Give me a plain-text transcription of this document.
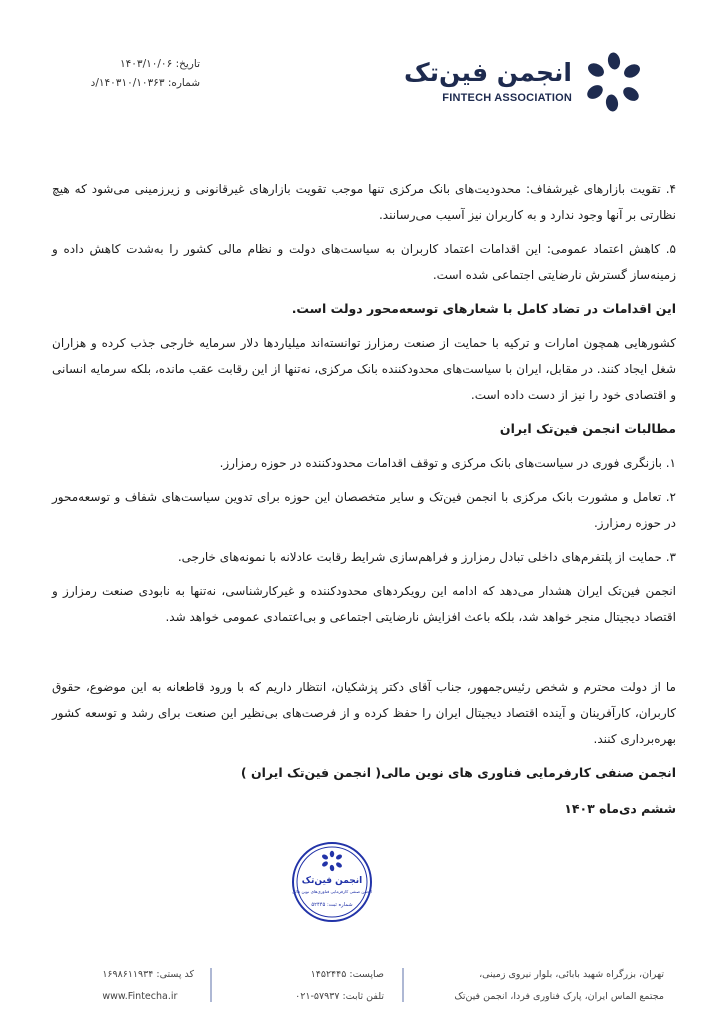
انجمن فین‌تک
FINTECH ASSOCIATION
تاریخ: ۱۴۰۳/۱۰/۰۶
شماره: ۱۴۰۳۱۰/۱۰۳۶۳/د

۴. تقویت بازارهای غیرشفاف: محدودیت‌های بانک مرکزی تنها موجب تقویت بازارهای غیرقانونی و زیرزمینی می‌شود که هیچ نظارتی بر آنها وجود ندارد و به کاربران نیز آسیب می‌رسانند.

۵. کاهش اعتماد عمومی: این اقدامات اعتماد کاربران به سیاست‌های دولت و نظام مالی کشور را به‌شدت کاهش داده و زمینه‌ساز گسترش نارضایتی اجتماعی شده است.

این اقدامات در تضاد کامل با شعارهای توسعه‌محور دولت است.

کشورهایی همچون امارات و ترکیه با حمایت از صنعت رمزارز توانسته‌اند میلیاردها دلار سرمایه خارجی جذب کرده و هزاران شغل ایجاد کنند. در مقابل، ایران با سیاست‌های محدودکننده بانک مرکزی، نه‌تنها از این رقابت عقب مانده، بلکه سرمایه انسانی و اقتصادی خود را نیز از دست داده است.

مطالبات انجمن فین‌تک ایران

۱. بازنگری فوری در سیاست‌های بانک مرکزی و توقف اقدامات محدودکننده در حوزه رمزارز.

۲. تعامل و مشورت بانک مرکزی با انجمن فین‌تک و سایر متخصصان این حوزه برای تدوین سیاست‌های شفاف و توسعه‌محور در حوزه رمزارز.

۳. حمایت از پلتفرم‌های داخلی تبادل رمزارز و فراهم‌سازی شرایط رقابت عادلانه با نمونه‌های خارجی.

انجمن فین‌تک ایران هشدار می‌دهد که ادامه این رویکردهای محدودکننده و غیرکارشناسی، نه‌تنها به نابودی صنعت رمزارز و اقتصاد دیجیتال منجر خواهد شد، بلکه باعث افزایش نارضایتی اجتماعی و بی‌اعتمادی عمومی خواهد شد.

ما از دولت محترم و شخص رئیس‌جمهور، جناب آقای دکتر پزشکیان، انتظار داریم که با ورود قاطعانه به این موضوع، حقوق کاربران، کارآفرینان و آینده اقتصاد دیجیتال ایران را حفظ کرده و از فرصت‌های بی‌نظیر این صنعت برای رشد و توسعه کشور بهره‌برداری کنند.

انجمن صنفی کارفرمایی فناوری های نوین مالی( انجمن فین‌تک ایران )
ششم دی‌ماه ۱۴۰۳
انجمن فین‌تک
انجمن صنفی کارفرمایی فناوری‌های نوین مالی
شماره ثبت: ۵۲۴۴۵
تهران، بزرگراه شهید بابائی، بلوار نیروی زمینی،
مجتمع الماس ایران، پارک فناوری فردا، انجمن فین‌تک
صاپست: ۱۴۵۲۴۴۵
تلفن ثابت: ۵۷۹۳۷-۰۲۱
کد پستی: ۱۶۹۸۶۱۱۹۳۴
www.Fintecha.ir
